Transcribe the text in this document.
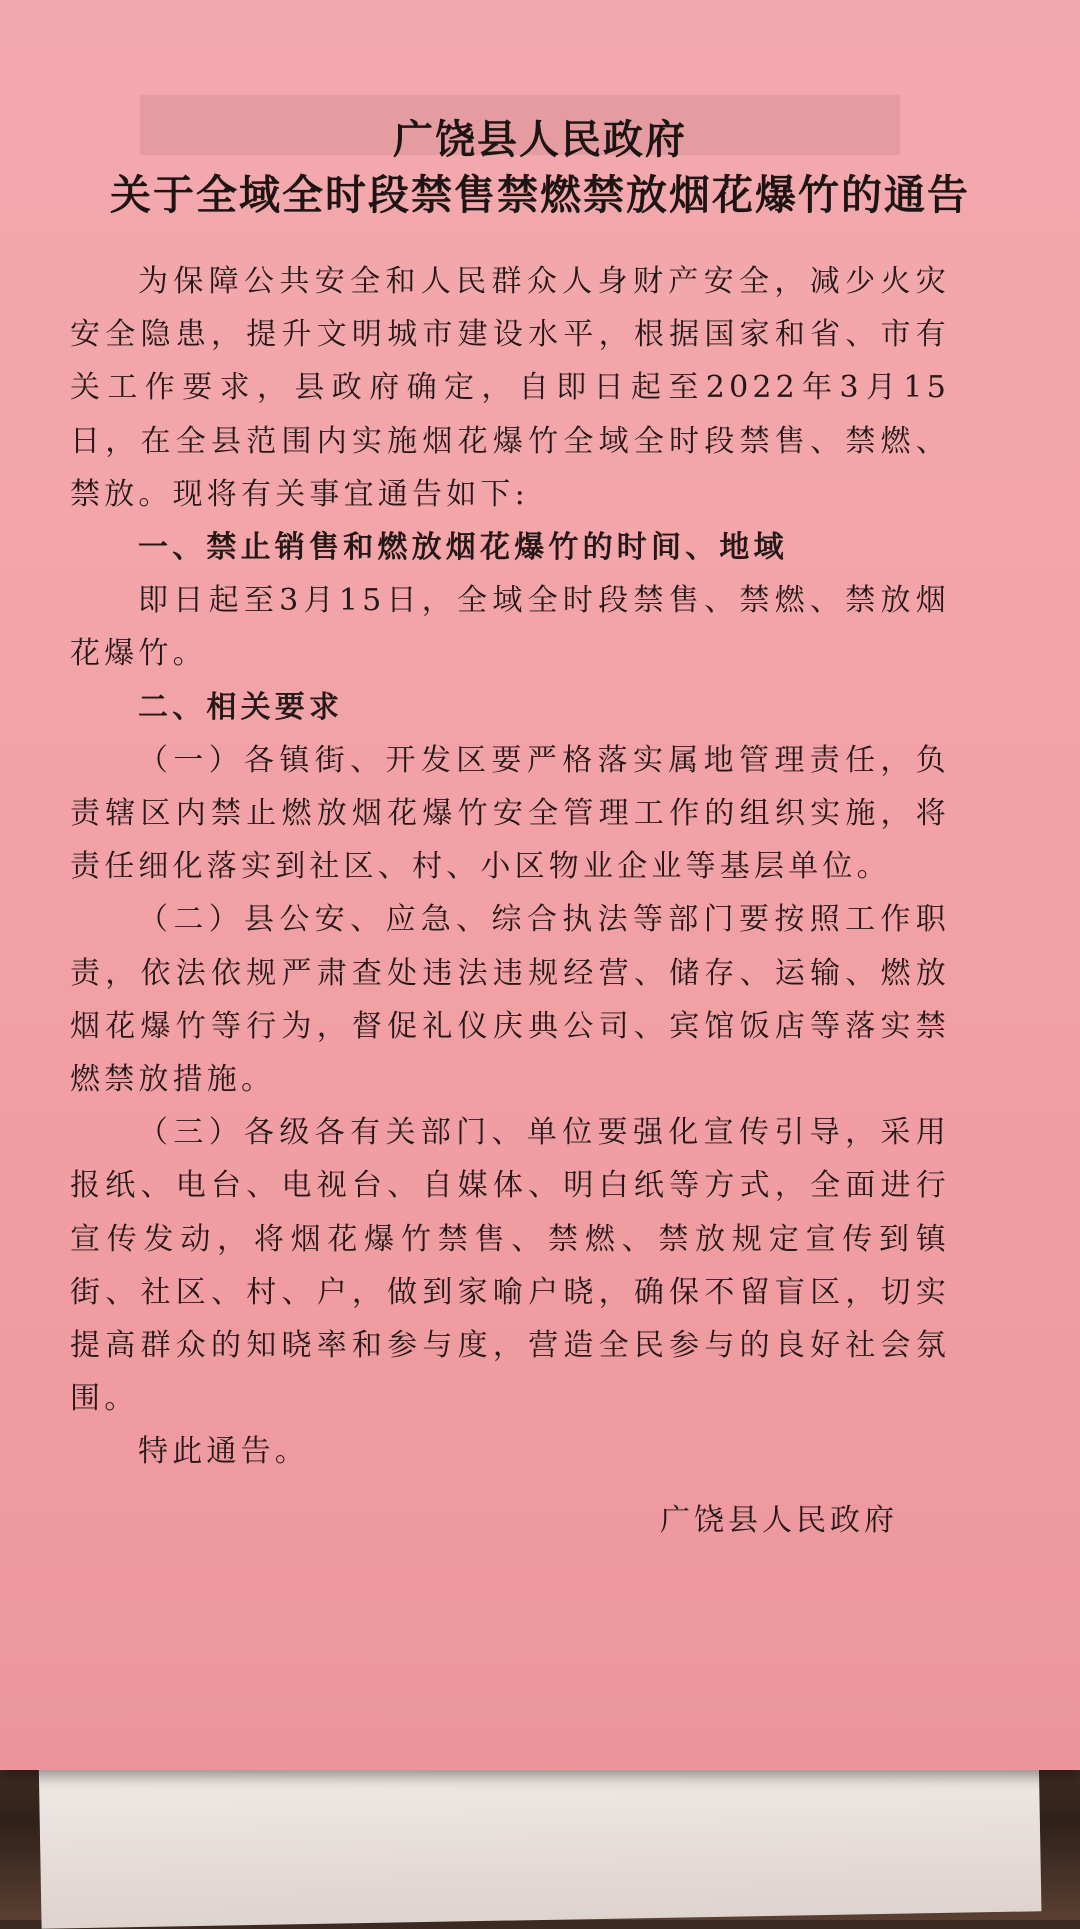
广饶县人民政府
关于全域全时段禁售禁燃禁放烟花爆竹的通告

为保障公共安全和人民群众人身财产安全，减少火灾安全隐患，提升文明城市建设水平，根据国家和省、市有关工作要求，县政府确定，自即日起至2022年3月15日，在全县范围内实施烟花爆竹全域全时段禁售、禁燃、禁放。现将有关事宜通告如下:

一、禁止销售和燃放烟花爆竹的时间、地域

即日起至3月15日，全域全时段禁售、禁燃、禁放烟花爆竹。

二、相关要求

（一）各镇街、开发区要严格落实属地管理责任，负责辖区内禁止燃放烟花爆竹安全管理工作的组织实施，将责任细化落实到社区、村、小区物业企业等基层单位。

（二）县公安、应急、综合执法等部门要按照工作职责，依法依规严肃查处违法违规经营、储存、运输、燃放烟花爆竹等行为，督促礼仪庆典公司、宾馆饭店等落实禁燃禁放措施。

（三）各级各有关部门、单位要强化宣传引导，采用报纸、电台、电视台、自媒体、明白纸等方式，全面进行宣传发动，将烟花爆竹禁售、禁燃、禁放规定宣传到镇街、社区、村、户，做到家喻户晓，确保不留盲区，切实提高群众的知晓率和参与度，营造全民参与的良好社会氛围。

特此通告。

广饶县人民政府
